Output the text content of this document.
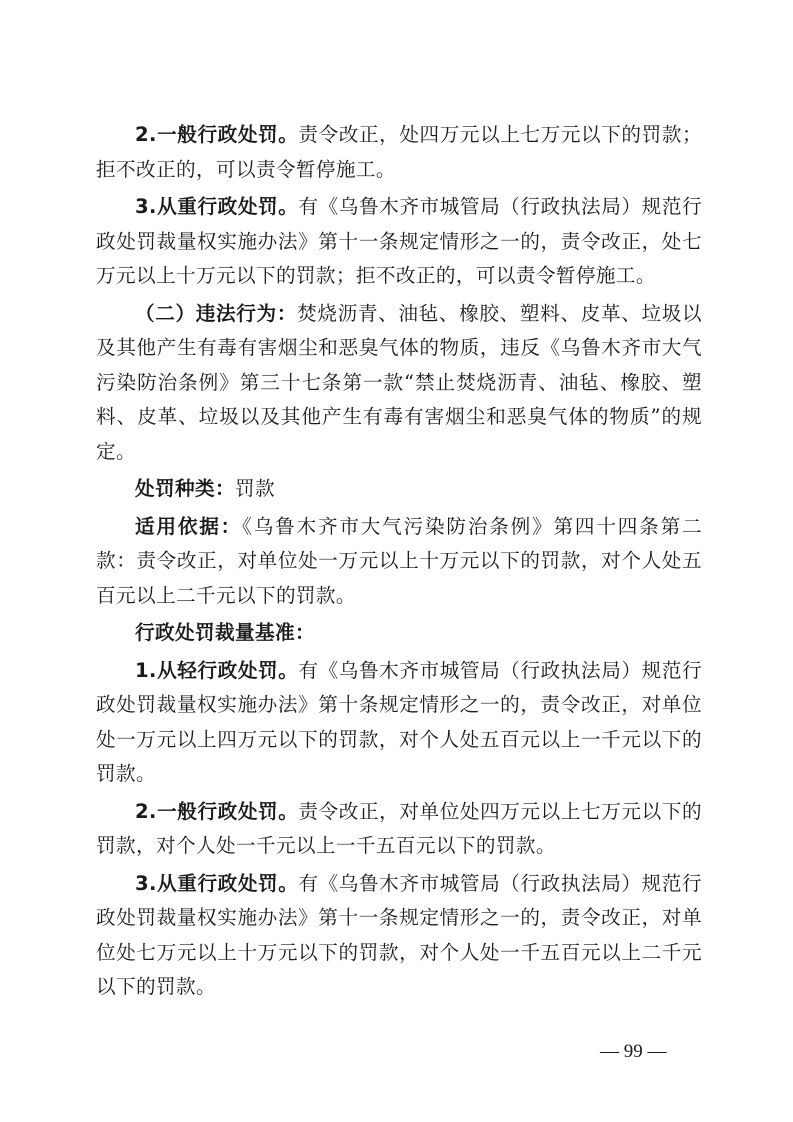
2.一般行政处罚。责令改正，处四万元以上七万元以下的罚款；拒不改正的，可以责令暂停施工。

3.从重行政处罚。有《乌鲁木齐市城管局（行政执法局）规范行政处罚裁量权实施办法》第十一条规定情形之一的，责令改正，处七万元以上十万元以下的罚款；拒不改正的，可以责令暂停施工。

（二）违法行为：焚烧沥青、油毡、橡胶、塑料、皮革、垃圾以及其他产生有毒有害烟尘和恶臭气体的物质，违反《乌鲁木齐市大气污染防治条例》第三十七条第一款“禁止焚烧沥青、油毡、橡胶、塑料、皮革、垃圾以及其他产生有毒有害烟尘和恶臭气体的物质”的规定。

处罚种类：罚款

适用依据：《乌鲁木齐市大气污染防治条例》第四十四条第二款：责令改正，对单位处一万元以上十万元以下的罚款，对个人处五百元以上二千元以下的罚款。

行政处罚裁量基准：

1.从轻行政处罚。有《乌鲁木齐市城管局（行政执法局）规范行政处罚裁量权实施办法》第十条规定情形之一的，责令改正，对单位处一万元以上四万元以下的罚款，对个人处五百元以上一千元以下的罚款。

2.一般行政处罚。责令改正，对单位处四万元以上七万元以下的罚款，对个人处一千元以上一千五百元以下的罚款。

3.从重行政处罚。有《乌鲁木齐市城管局（行政执法局）规范行政处罚裁量权实施办法》第十一条规定情形之一的，责令改正，对单位处七万元以上十万元以下的罚款，对个人处一千五百元以上二千元以下的罚款。

— 99 —
